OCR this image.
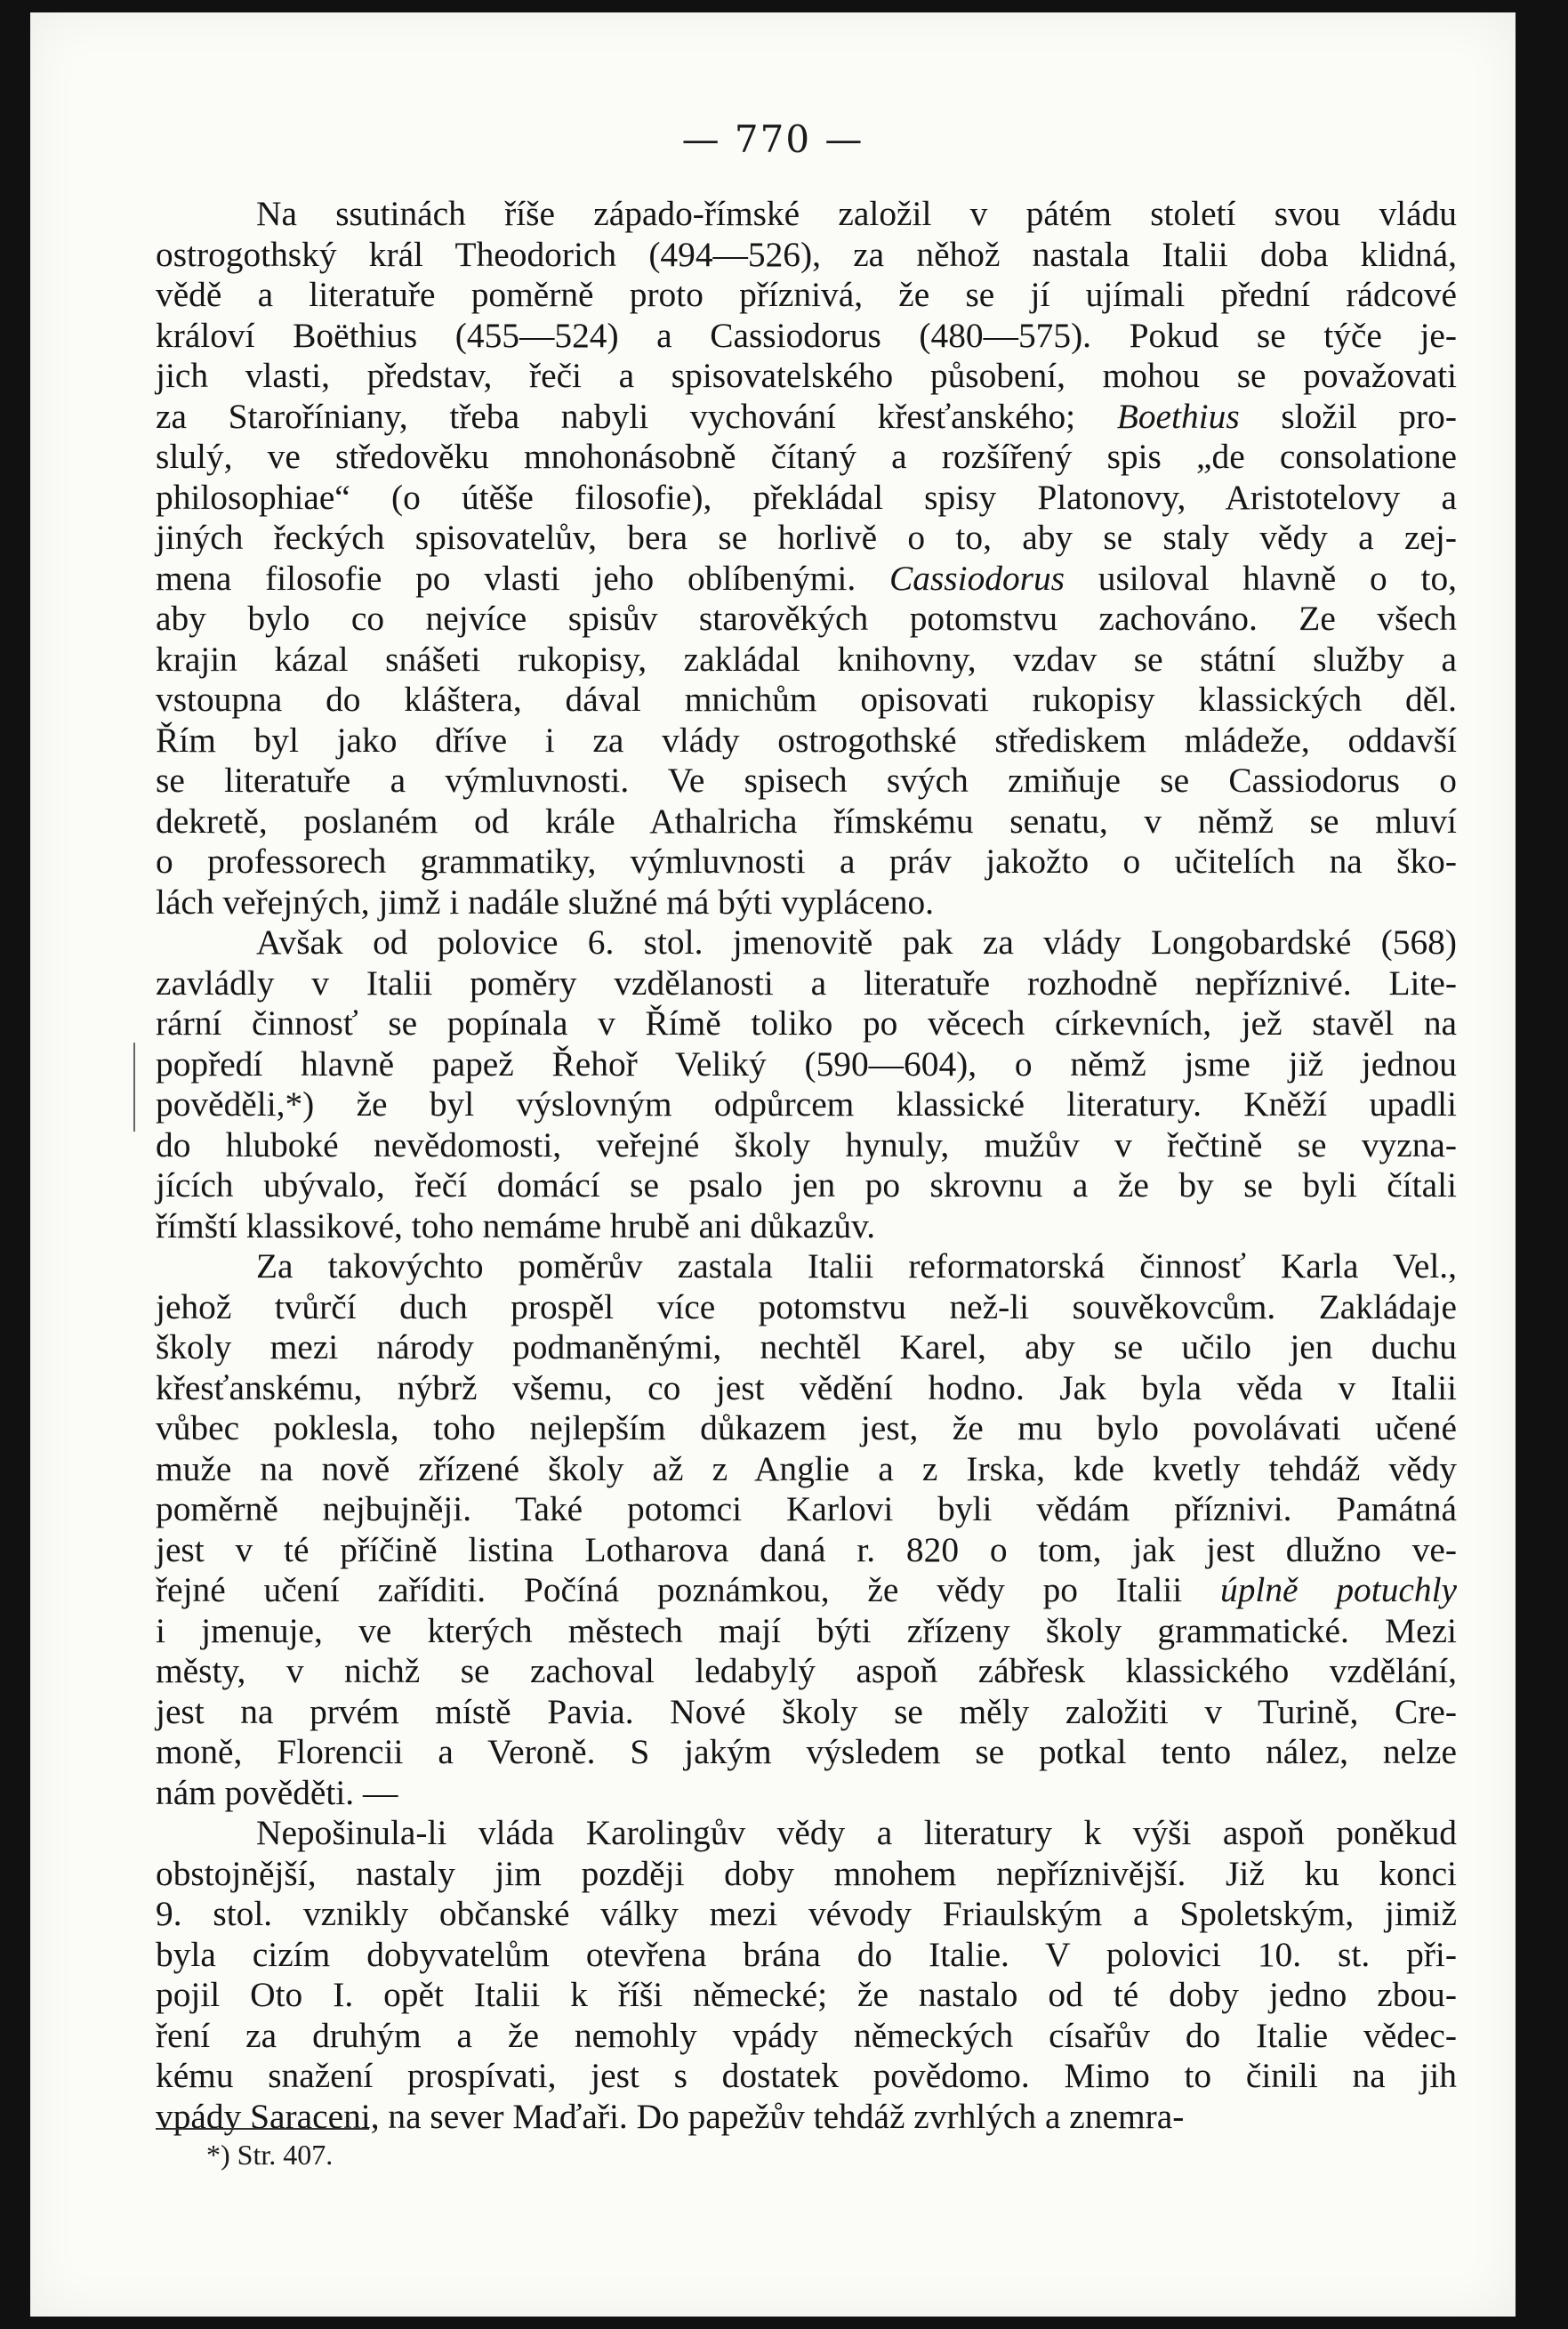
— 770 —
Na ssutinách říše západo-římské založil v pátém století svou vládu
ostrogothský král Theodorich (494—526), za něhož nastala Italii doba klidná,
vědě a literatuře poměrně proto příznivá, že se jí ujímali přední rádcové
královí Boëthius (455—524) a Cassiodorus (480—575). Pokud se týče je-
jich vlasti, představ, řeči a spisovatelského působení, mohou se považovati
za Staroříniany, třeba nabyli vychování křesťanského; Boethius složil pro-
slulý, ve středověku mnohonásobně čítaný a rozšířený spis „de consolatione
philosophiae“ (o útěše filosofie), překládal spisy Platonovy, Aristotelovy a
jiných řeckých spisovatelův, bera se horlivě o to, aby se staly vědy a zej-
mena filosofie po vlasti jeho oblíbenými. Cassiodorus usiloval hlavně o to,
aby bylo co nejvíce spisův starověkých potomstvu zachováno. Ze všech
krajin kázal snášeti rukopisy, zakládal knihovny, vzdav se státní služby a
vstoupna do kláštera, dával mnichům opisovati rukopisy klassických děl.
Řím byl jako dříve i za vlády ostrogothské střediskem mládeže, oddavší
se literatuře a výmluvnosti. Ve spisech svých zmiňuje se Cassiodorus o
dekretě, poslaném od krále Athalricha římskému senatu, v němž se mluví
o professorech grammatiky, výmluvnosti a práv jakožto o učitelích na ško-
lách veřejných, jimž i nadále služné má býti vypláceno.
Avšak od polovice 6. stol. jmenovitě pak za vlády Longobardské (568)
zavládly v Italii poměry vzdělanosti a literatuře rozhodně nepříznivé. Lite-
rární činnosť se popínala v Římě toliko po věcech církevních, jež stavěl na
popředí hlavně papež Řehoř Veliký (590—604), o němž jsme již jednou
pověděli,*) že byl výslovným odpůrcem klassické literatury. Kněží upadli
do hluboké nevědomosti, veřejné školy hynuly, mužův v řečtině se vyzna-
jících ubývalo, řečí domácí se psalo jen po skrovnu a že by se byli čítali
římští klassikové, toho nemáme hrubě ani důkazův.
Za takovýchto poměrův zastala Italii reformatorská činnosť Karla Vel.,
jehož tvůrčí duch prospěl více potomstvu než-li souvěkovcům. Zakládaje
školy mezi národy podmaněnými, nechtěl Karel, aby se učilo jen duchu
křesťanskému, nýbrž všemu, co jest vědění hodno. Jak byla věda v Italii
vůbec poklesla, toho nejlepším důkazem jest, že mu bylo povolávati učené
muže na nově zřízené školy až z Anglie a z Irska, kde kvetly tehdáž vědy
poměrně nejbujněji. Také potomci Karlovi byli vědám příznivi. Památná
jest v té příčině listina Lotharova daná r. 820 o tom, jak jest dlužno ve-
řejné učení zaříditi. Počíná poznámkou, že vědy po Italii úplně potuchly
i jmenuje, ve kterých městech mají býti zřízeny školy grammatické. Mezi
městy, v nichž se zachoval ledabylý aspoň zábřesk klassického vzdělání,
jest na prvém místě Pavia. Nové školy se měly založiti v Turině, Cre-
moně, Florencii a Veroně. S jakým výsledem se potkal tento nález, nelze
nám pověděti. —
Nepošinula-li vláda Karolingův vědy a literatury k výši aspoň poněkud
obstojnější, nastaly jim později doby mnohem nepříznivější. Již ku konci
9. stol. vznikly občanské války mezi vévody Friaulským a Spoletským, jimiž
byla cizím dobyvatelům otevřena brána do Italie. V polovici 10. st. při-
pojil Oto I. opět Italii k říši německé; že nastalo od té doby jedno zbou-
ření za druhým a že nemohly vpády německých císařův do Italie vědec-
kému snažení prospívati, jest s dostatek povědomo. Mimo to činili na jih
vpády Saraceni, na sever Maďaři. Do papežův tehdáž zvrhlých a znemra-
*) Str. 407.
